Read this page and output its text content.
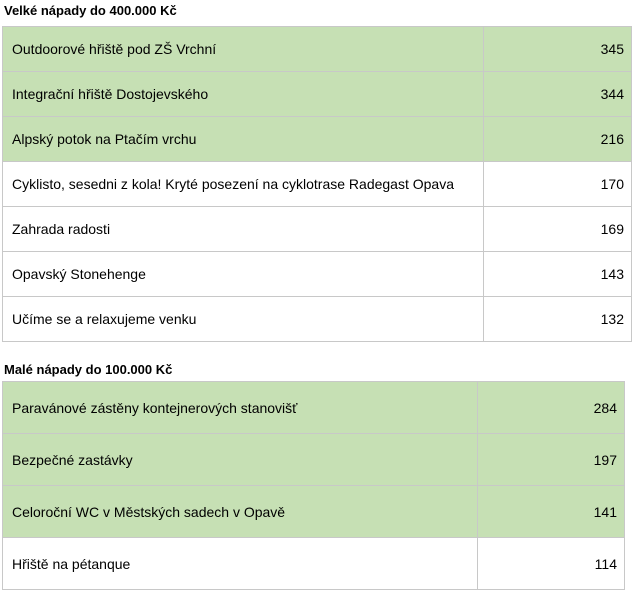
Velké nápady do 400.000 Kč
Outdoorové hřiště pod ZŠ Vrchní	345
Integrační hřiště Dostojevského	344
Alpský potok na Ptačím vrchu	216
Cyklisto, sesedni z kola! Kryté posezení na cyklotrase Radegast Opava	170
Zahrada radosti	169
Opavský Stonehenge	143
Učíme se a relaxujeme venku	132
Malé nápady do 100.000 Kč
Paravánové zástěny kontejnerových stanovišť	284
Bezpečné zastávky	197
Celoroční WC v Městských sadech v Opavě	141
Hřiště na pétanque	114
